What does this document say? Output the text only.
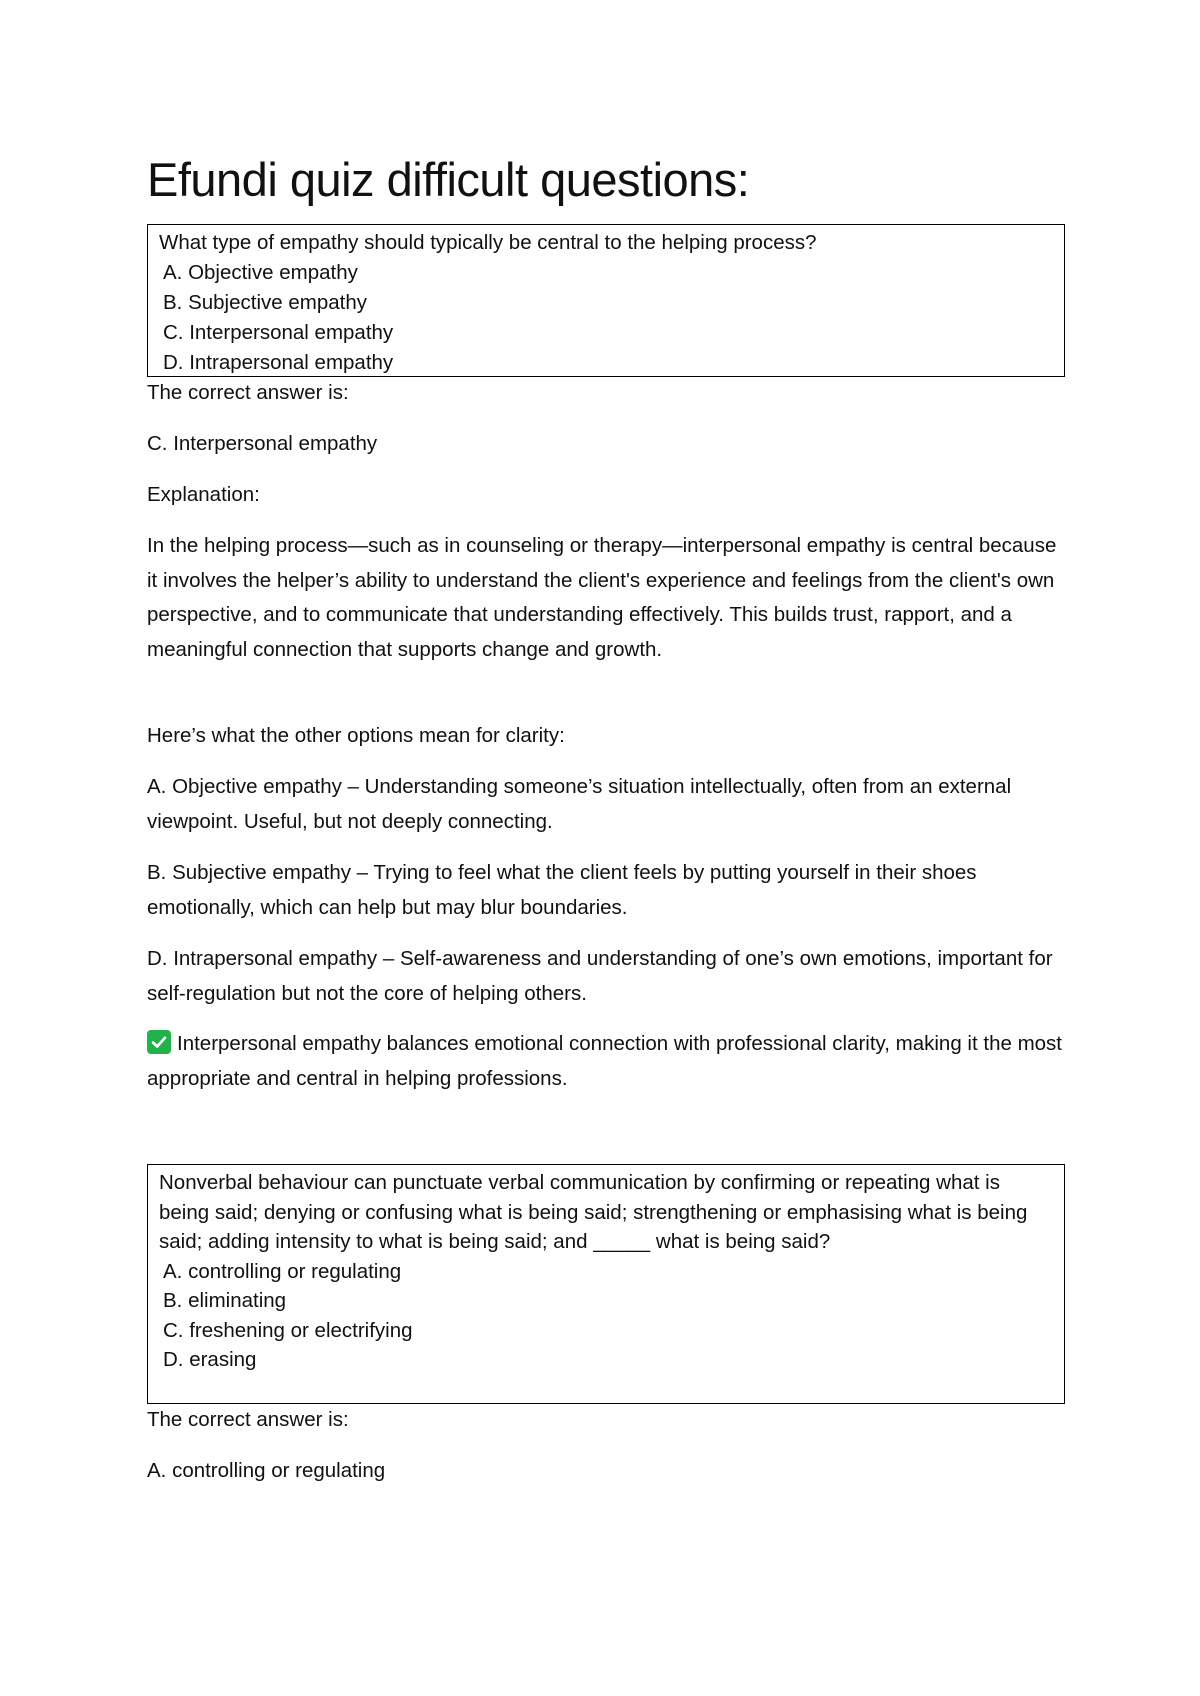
Efundi quiz difficult questions:
What type of empathy should typically be central to the helping process?
A. Objective empathy
B. Subjective empathy
C. Interpersonal empathy
D. Intrapersonal empathy

The correct answer is:

C. Interpersonal empathy

Explanation:

In the helping process—such as in counseling or therapy—interpersonal empathy is central because it involves the helper’s ability to understand the client's experience and feelings from the client's own perspective, and to communicate that understanding effectively. This builds trust, rapport, and a meaningful connection that supports change and growth.

Here’s what the other options mean for clarity:

A. Objective empathy – Understanding someone’s situation intellectually, often from an external viewpoint. Useful, but not deeply connecting.

B. Subjective empathy – Trying to feel what the client feels by putting yourself in their shoes emotionally, which can help but may blur boundaries.

D. Intrapersonal empathy – Self-awareness and understanding of one’s own emotions, important for self-regulation but not the core of helping others.

Interpersonal empathy balances emotional connection with professional clarity, making it the most appropriate and central in helping professions.

Nonverbal behaviour can punctuate verbal communication by confirming or repeating what is being said; denying or confusing what is being said; strengthening or emphasising what is being said; adding intensity to what is being said; and _____ what is being said?
A. controlling or regulating
B. eliminating
C. freshening or electrifying
D. erasing

The correct answer is:

A. controlling or regulating
